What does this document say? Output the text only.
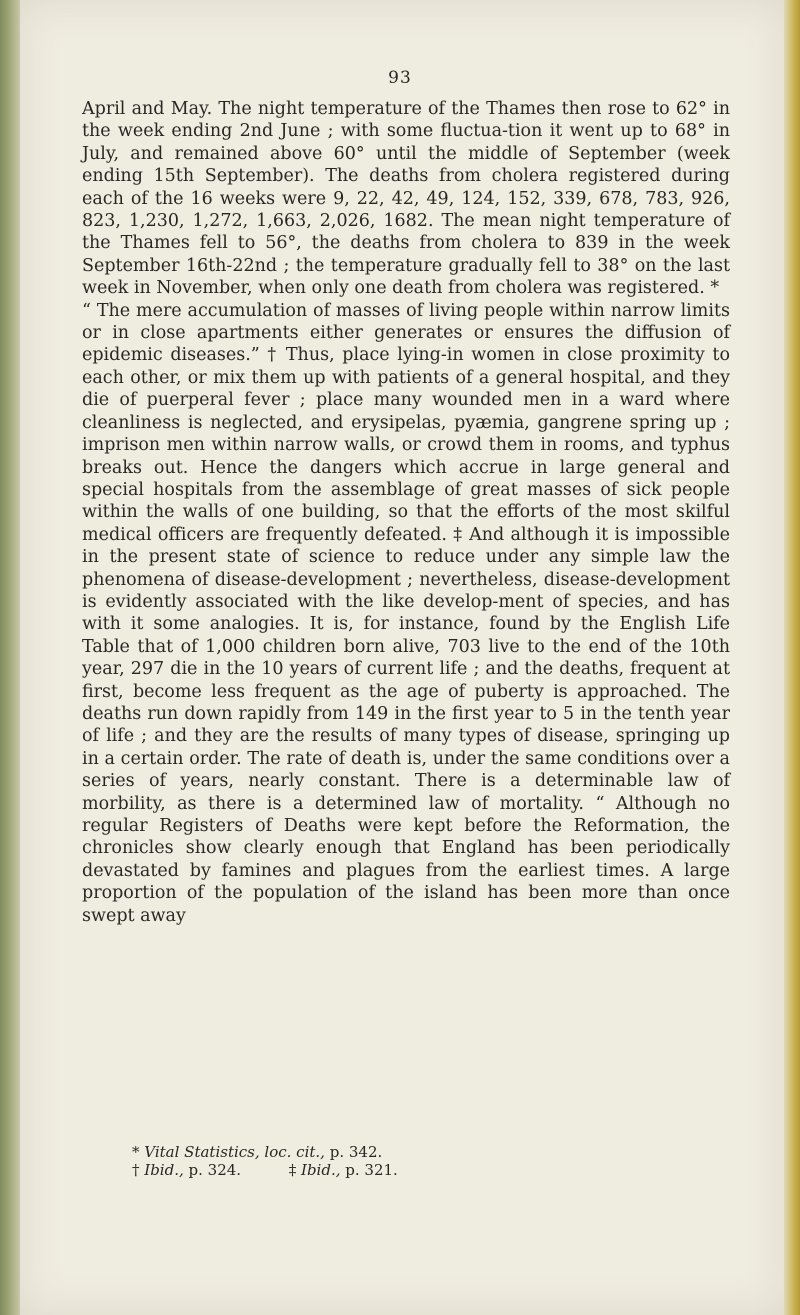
93

April and May. The night temperature of the Thames then rose to 62° in the week ending 2nd June ; with some fluctua-tion it went up to 68° in July, and remained above 60° until the middle of September (week ending 15th September). The deaths from cholera registered during each of the 16 weeks were 9, 22, 42, 49, 124, 152, 339, 678, 783, 926, 823, 1,230, 1,272, 1,663, 2,026, 1682. The mean night temperature of the Thames fell to 56°, the deaths from cholera to 839 in the week September 16th-22nd ; the temperature gradually fell to 38° on the last week in November, when only one death from cholera was registered. *

“ The mere accumulation of masses of living people within narrow limits or in close apartments either generates or ensures the diffusion of epidemic diseases.” † Thus, place lying-in women in close proximity to each other, or mix them up with patients of a general hospital, and they die of puerperal fever ; place many wounded men in a ward where cleanliness is neglected, and erysipelas, pyæmia, gangrene spring up ; imprison men within narrow walls, or crowd them in rooms, and typhus breaks out. Hence the dangers which accrue in large general and special hospitals from the assemblage of great masses of sick people within the walls of one building, so that the efforts of the most skilful medical officers are frequently defeated. ‡ And although it is impossible in the present state of science to reduce under any simple law the phenomena of disease-development ; nevertheless, disease-development is evidently associated with the like develop-ment of species, and has with it some analogies. It is, for instance, found by the English Life Table that of 1,000 children born alive, 703 live to the end of the 10th year, 297 die in the 10 years of current life ; and the deaths, frequent at first, become less frequent as the age of puberty is approached. The deaths run down rapidly from 149 in the first year to 5 in the tenth year of life ; and they are the results of many types of disease, springing up in a certain order. The rate of death is, under the same conditions over a series of years, nearly constant. There is a determinable law of morbility, as there is a determined law of mortality. “ Although no regular Registers of Deaths were kept before the Reformation, the chronicles show clearly enough that England has been periodically devastated by famines and plagues from the earliest times. A large proportion of the population of the island has been more than once swept away

* Vital Statistics, loc. cit., p. 342.
† Ibid., p. 324.	‡ Ibid., p. 321.
